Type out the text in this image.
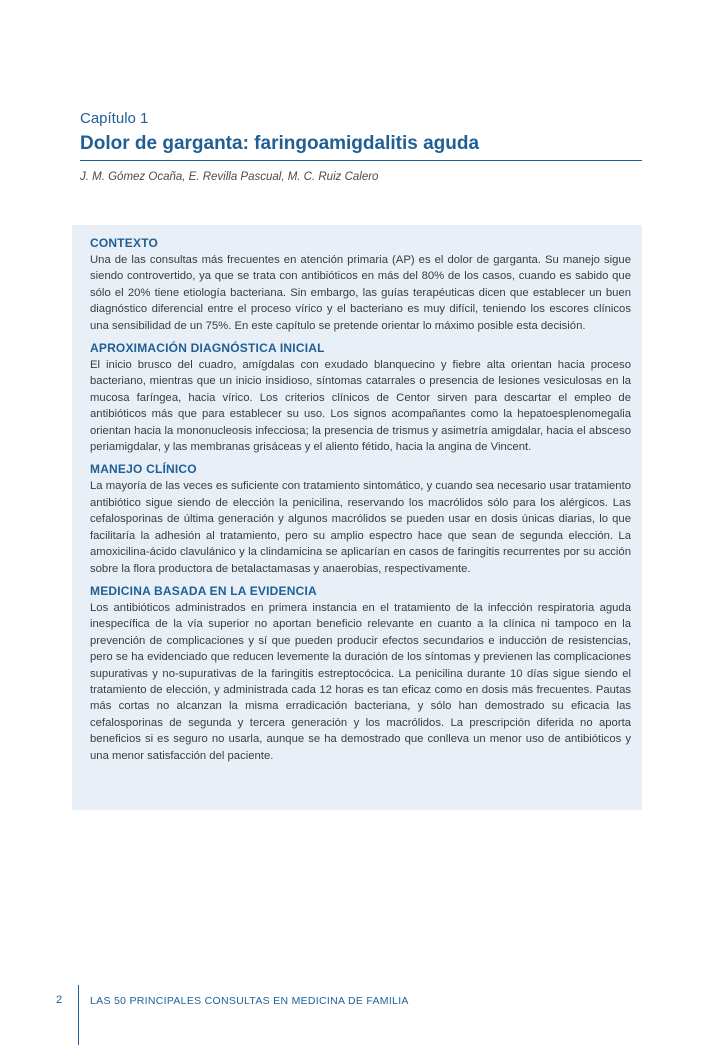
Capítulo 1
Dolor de garganta: faringoamigdalitis aguda
J. M. Gómez Ocaña, E. Revilla Pascual, M. C. Ruiz Calero
CONTEXTO

Una de las consultas más frecuentes en atención primaria (AP) es el dolor de garganta. Su manejo sigue siendo controvertido, ya que se trata con antibióticos en más del 80% de los casos, cuando es sabido que sólo el 20% tiene etiología bacteriana. Sin embargo, las guías terapéuticas dicen que establecer un buen diagnóstico diferencial entre el proceso vírico y el bacteriano es muy difícil, teniendo los escores clínicos una sensibilidad de un 75%. En este capítulo se pretende orientar lo máximo posible esta decisión.

APROXIMACIÓN DIAGNÓSTICA INICIAL

El inicio brusco del cuadro, amígdalas con exudado blanquecino y fiebre alta orientan hacia proceso bacteriano, mientras que un inicio insidioso, síntomas catarrales o presencia de lesiones vesiculosas en la mucosa faríngea, hacia vírico. Los criterios clínicos de Centor sirven para descartar el empleo de antibióticos más que para establecer su uso. Los signos acompañantes como la hepatoesplenomegalia orientan hacia la mononucleosis infecciosa; la presencia de trismus y asimetría amigdalar, hacia el absceso periamigdalar, y las membranas grisáceas y el aliento fétido, hacia la angina de Vincent.

MANEJO CLÍNICO

La mayoría de las veces es suficiente con tratamiento sintomático, y cuando sea necesario usar tratamiento antibiótico sigue siendo de elección la penicilina, reservando los macrólidos sólo para los alérgicos. Las cefalosporinas de última generación y algunos macrólidos se pueden usar en dosis únicas diarias, lo que facilitaría la adhesión al tratamiento, pero su amplio espectro hace que sean de segunda elección. La amoxicilina-ácido clavulánico y la clindamicina se aplicarían en casos de faringitis recurrentes por su acción sobre la flora productora de betalactamasas y anaerobias, respectivamente.

MEDICINA BASADA EN LA EVIDENCIA

Los antibióticos administrados en primera instancia en el tratamiento de la infección respiratoria aguda inespecífica de la vía superior no aportan beneficio relevante en cuanto a la clínica ni tampoco en la prevención de complicaciones y sí que pueden producir efectos secundarios e inducción de resistencias, pero se ha evidenciado que reducen levemente la duración de los síntomas y previenen las complicaciones supurativas y no-supurativas de la faringitis estreptocócica. La penicilina durante 10 días sigue siendo el tratamiento de elección, y administrada cada 12 horas es tan eficaz como en dosis más frecuentes. Pautas más cortas no alcanzan la misma erradicación bacteriana, y sólo han demostrado su eficacia las cefalosporinas de segunda y tercera generación y los macrólidos. La prescripción diferida no aporta beneficios si es seguro no usarla, aunque se ha demostrado que conlleva un menor uso de antibióticos y una menor satisfacción del paciente.

2	LAS 50 PRINCIPALES CONSULTAS EN MEDICINA DE FAMILIA
